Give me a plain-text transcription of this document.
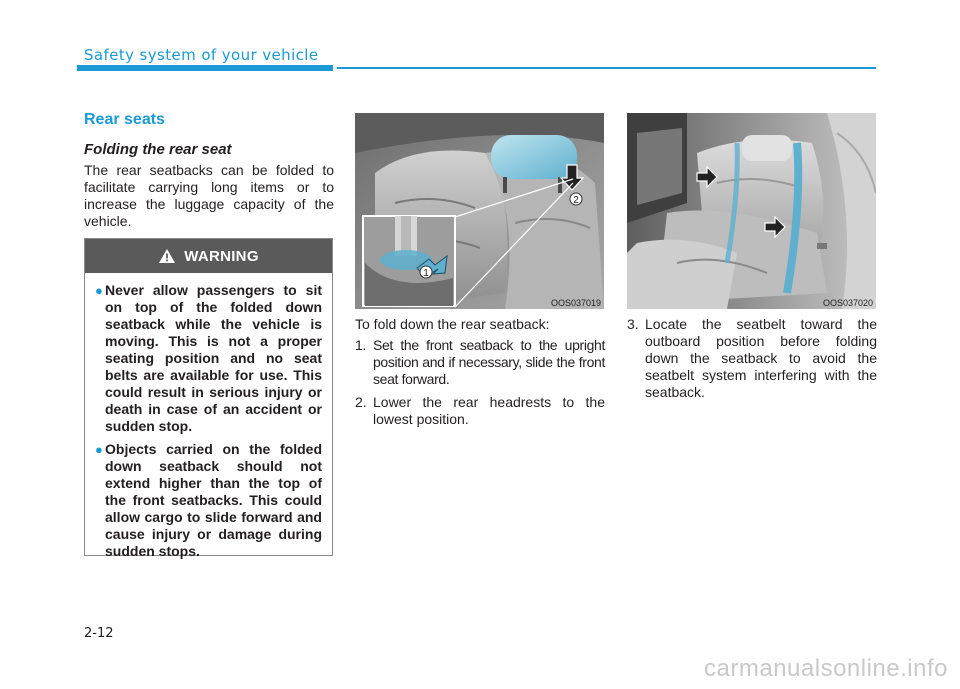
Safety system of your vehicle
Rear seats
Folding the rear seat

The rear seatbacks can be folded to facilitate carrying long items or to increase the luggage capacity of the vehicle.

WARNING
● Never allow passengers to sit on top of the folded down seatback while the vehicle is moving. This is not a proper seating position and no seat belts are available for use. This could result in serious injury or death in case of an accident or sudden stop.
● Objects carried on the folded down seatback should not extend higher than the top of the front seatbacks. This could allow cargo to slide forward and cause injury or damage during sudden stops.
2
1
OOS037019	OOS037020

To fold down the rear seatback:

1. Set the front seatback to the upright position and if necessary, slide the front seat forward.
2. Lower the rear headrests to the lowest position.
3. Locate the seatbelt toward the outboard position before folding down the seatback to avoid the seatbelt system interfering with the seatback.
2-12
carmanualsonline.info
